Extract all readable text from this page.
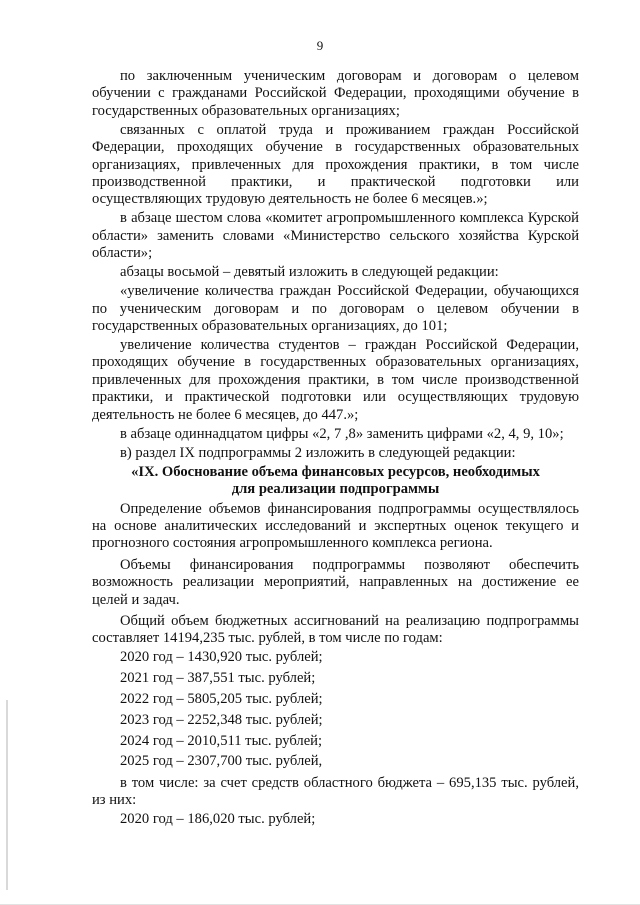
9

по заключенным ученическим договорам и договорам о целевом обучении с гражданами Российской Федерации, проходящими обучение в государственных образовательных организациях;

связанных с оплатой труда и проживанием граждан Российской Федерации, проходящих обучение в государственных образовательных организациях, привлеченных для прохождения практики, в том числе производственной практики, и практической подготовки или осуществляющих трудовую деятельность не более 6 месяцев.»;

в абзаце шестом слова «комитет агропромышленного комплекса Курской области» заменить словами «Министерство сельского хозяйства Курской области»;

абзацы восьмой – девятый изложить в следующей редакции:

«увеличение количества граждан Российской Федерации, обучающихся по ученическим договорам и по договорам о целевом обучении в государственных образовательных организациях, до 101;

увеличение количества студентов – граждан Российской Федерации, проходящих обучение в государственных образовательных организациях, привлеченных для прохождения практики, в том числе производственной практики, и практической подготовки или осуществляющих трудовую деятельность не более 6 месяцев, до 447.»;

в абзаце одиннадцатом цифры «2, 7 ,8» заменить цифрами «2, 4, 9, 10»;

в) раздел IX подпрограммы 2 изложить в следующей редакции:

«IX. Обоснование объема финансовых ресурсов, необходимых

для реализации подпрограммы

Определение объемов финансирования подпрограммы осуществлялось на основе аналитических исследований и экспертных оценок текущего и прогнозного состояния агропромышленного комплекса региона.

Объемы финансирования подпрограммы позволяют обеспечить возможность реализации мероприятий, направленных на достижение ее целей и задач.

Общий объем бюджетных ассигнований на реализацию подпрограммы составляет 14194,235 тыс. рублей, в том числе по годам:

2020 год – 1430,920 тыс. рублей;

2021 год – 387,551 тыс. рублей;

2022 год – 5805,205 тыс. рублей;

2023 год – 2252,348 тыс. рублей;

2024 год – 2010,511 тыс. рублей;

2025 год – 2307,700 тыс. рублей,

в том числе: за счет средств областного бюджета – 695,135 тыс. рублей, из них:

2020 год – 186,020 тыс. рублей;
